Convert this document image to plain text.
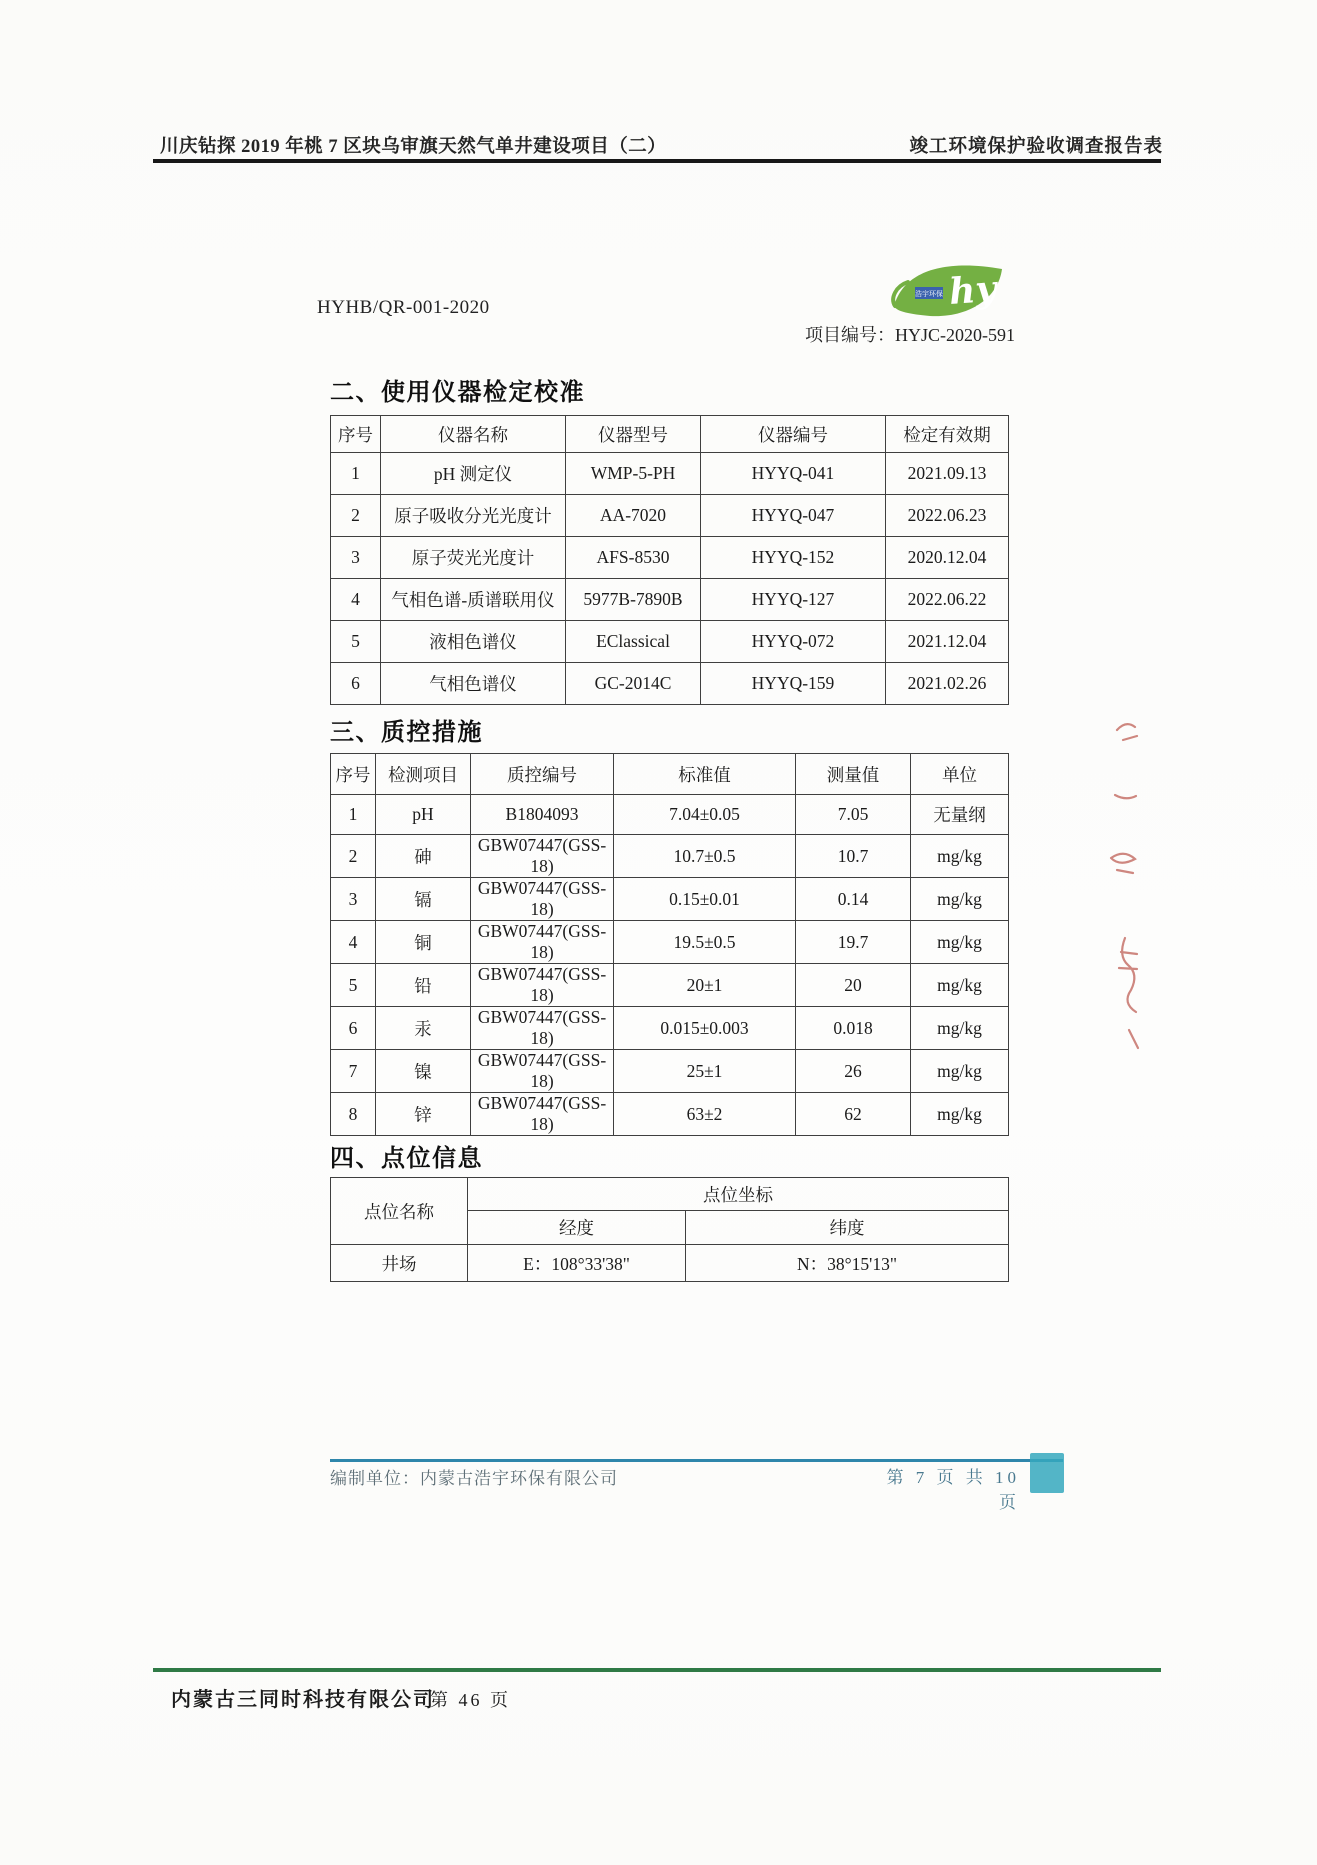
川庆钻探 2019 年桃 7 区块乌审旗天然气单井建设项目（二）	竣工环境保护验收调查报告表
HYHB/QR-001-2020	hy
浩宇环保
项目编号：HYJC-2020-591
二、使用仪器检定校准
序号	仪器名称	仪器型号	仪器编号	检定有效期
1	pH 测定仪	WMP-5-PH	HYYQ-041	2021.09.13
2	原子吸收分光光度计	AA-7020	HYYQ-047	2022.06.23
3	原子荧光光度计	AFS-8530	HYYQ-152	2020.12.04
4	气相色谱-质谱联用仪	5977B-7890B	HYYQ-127	2022.06.22
5	液相色谱仪	EClassical	HYYQ-072	2021.12.04
6	气相色谱仪	GC-2014C	HYYQ-159	2021.02.26
三、质控措施
序号	检测项目	质控编号	标准值	测量值	单位
1	pH	B1804093	7.04±0.05	7.05	无量纲
2	砷	GBW07447(GSS-18)	10.7±0.5	10.7	mg/kg
3	镉	GBW07447(GSS-18)	0.15±0.01	0.14	mg/kg
4	铜	GBW07447(GSS-18)	19.5±0.5	19.7	mg/kg
5	铅	GBW07447(GSS-18)	20±1	20	mg/kg
6	汞	GBW07447(GSS-18)	0.015±0.003	0.018	mg/kg
7	镍	GBW07447(GSS-18)	25±1	26	mg/kg
8	锌	GBW07447(GSS-18)	63±2	62	mg/kg
四、点位信息
点位名称	点位坐标	
	经度	纬度
井场	E：108°33'38"	N：38°15'13"
编制单位：内蒙古浩宇环保有限公司	第 7 页 共 10 页
内蒙古三同时科技有限公司
第 46 页
